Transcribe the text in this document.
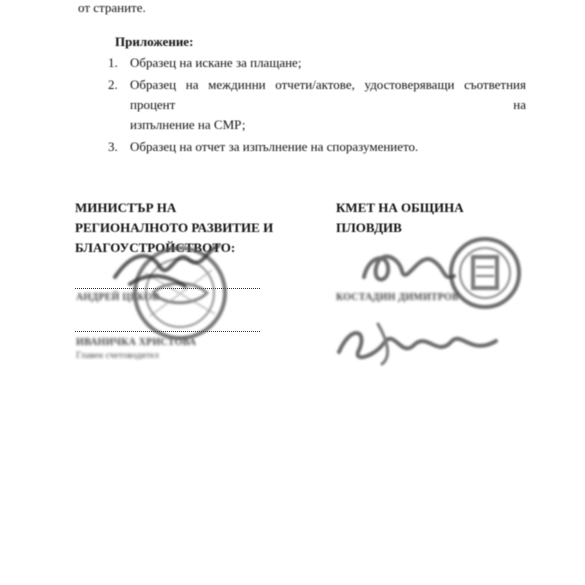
от страните.
Приложение:
1. Образец на искане за плащане;
2. Образец на междинни отчети/актове, удостоверяващи съответния процент на
изпълнение на СМР;
3. Образец на отчет за изпълнение на споразумението.
МИНИСТЪР НА
РЕГИОНАЛНОТО РАЗВИТИЕ И
БЛАГОУСТРОЙСТВОТО:
КМЕТ НА ОБЩИНА
ПЛОВДИВ
АНДРЕЙ ЦЕКОВ
ИВАНИЧКА ХРИСТОВА
Главен счетоводител
КОСТАДИН ДИМИТРОВ
